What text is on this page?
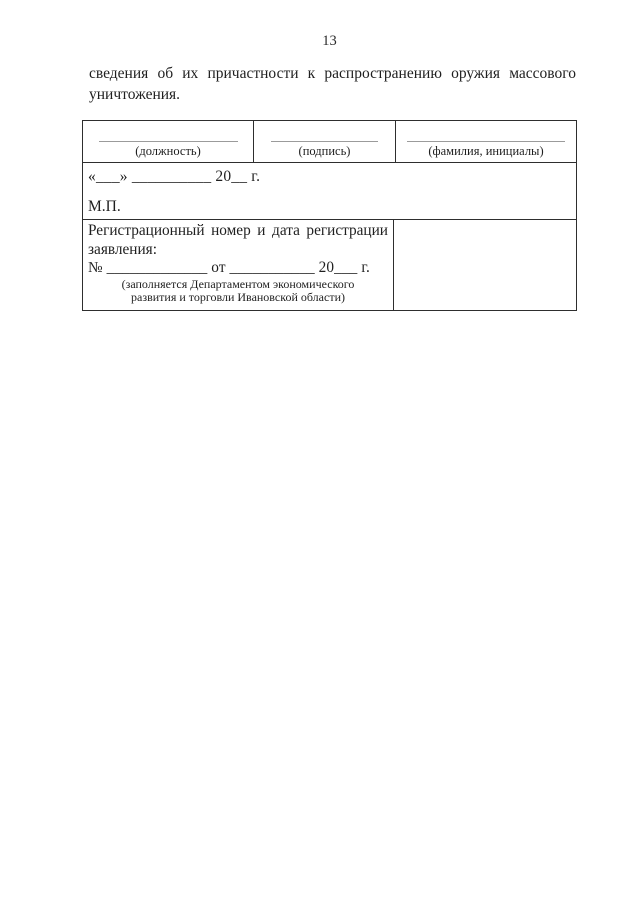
13
сведения об их причастности к распространению оружия массового
уничтожения.
(должность)	(подпись)	(фамилия, инициалы)
«___» __________ 20__ г.
М.П.
Регистрационный номер и дата регистрации
заявления:
№ _____________ от ___________ 20___ г.
(заполняется Департаментом экономического
развития и торговли Ивановской области)
